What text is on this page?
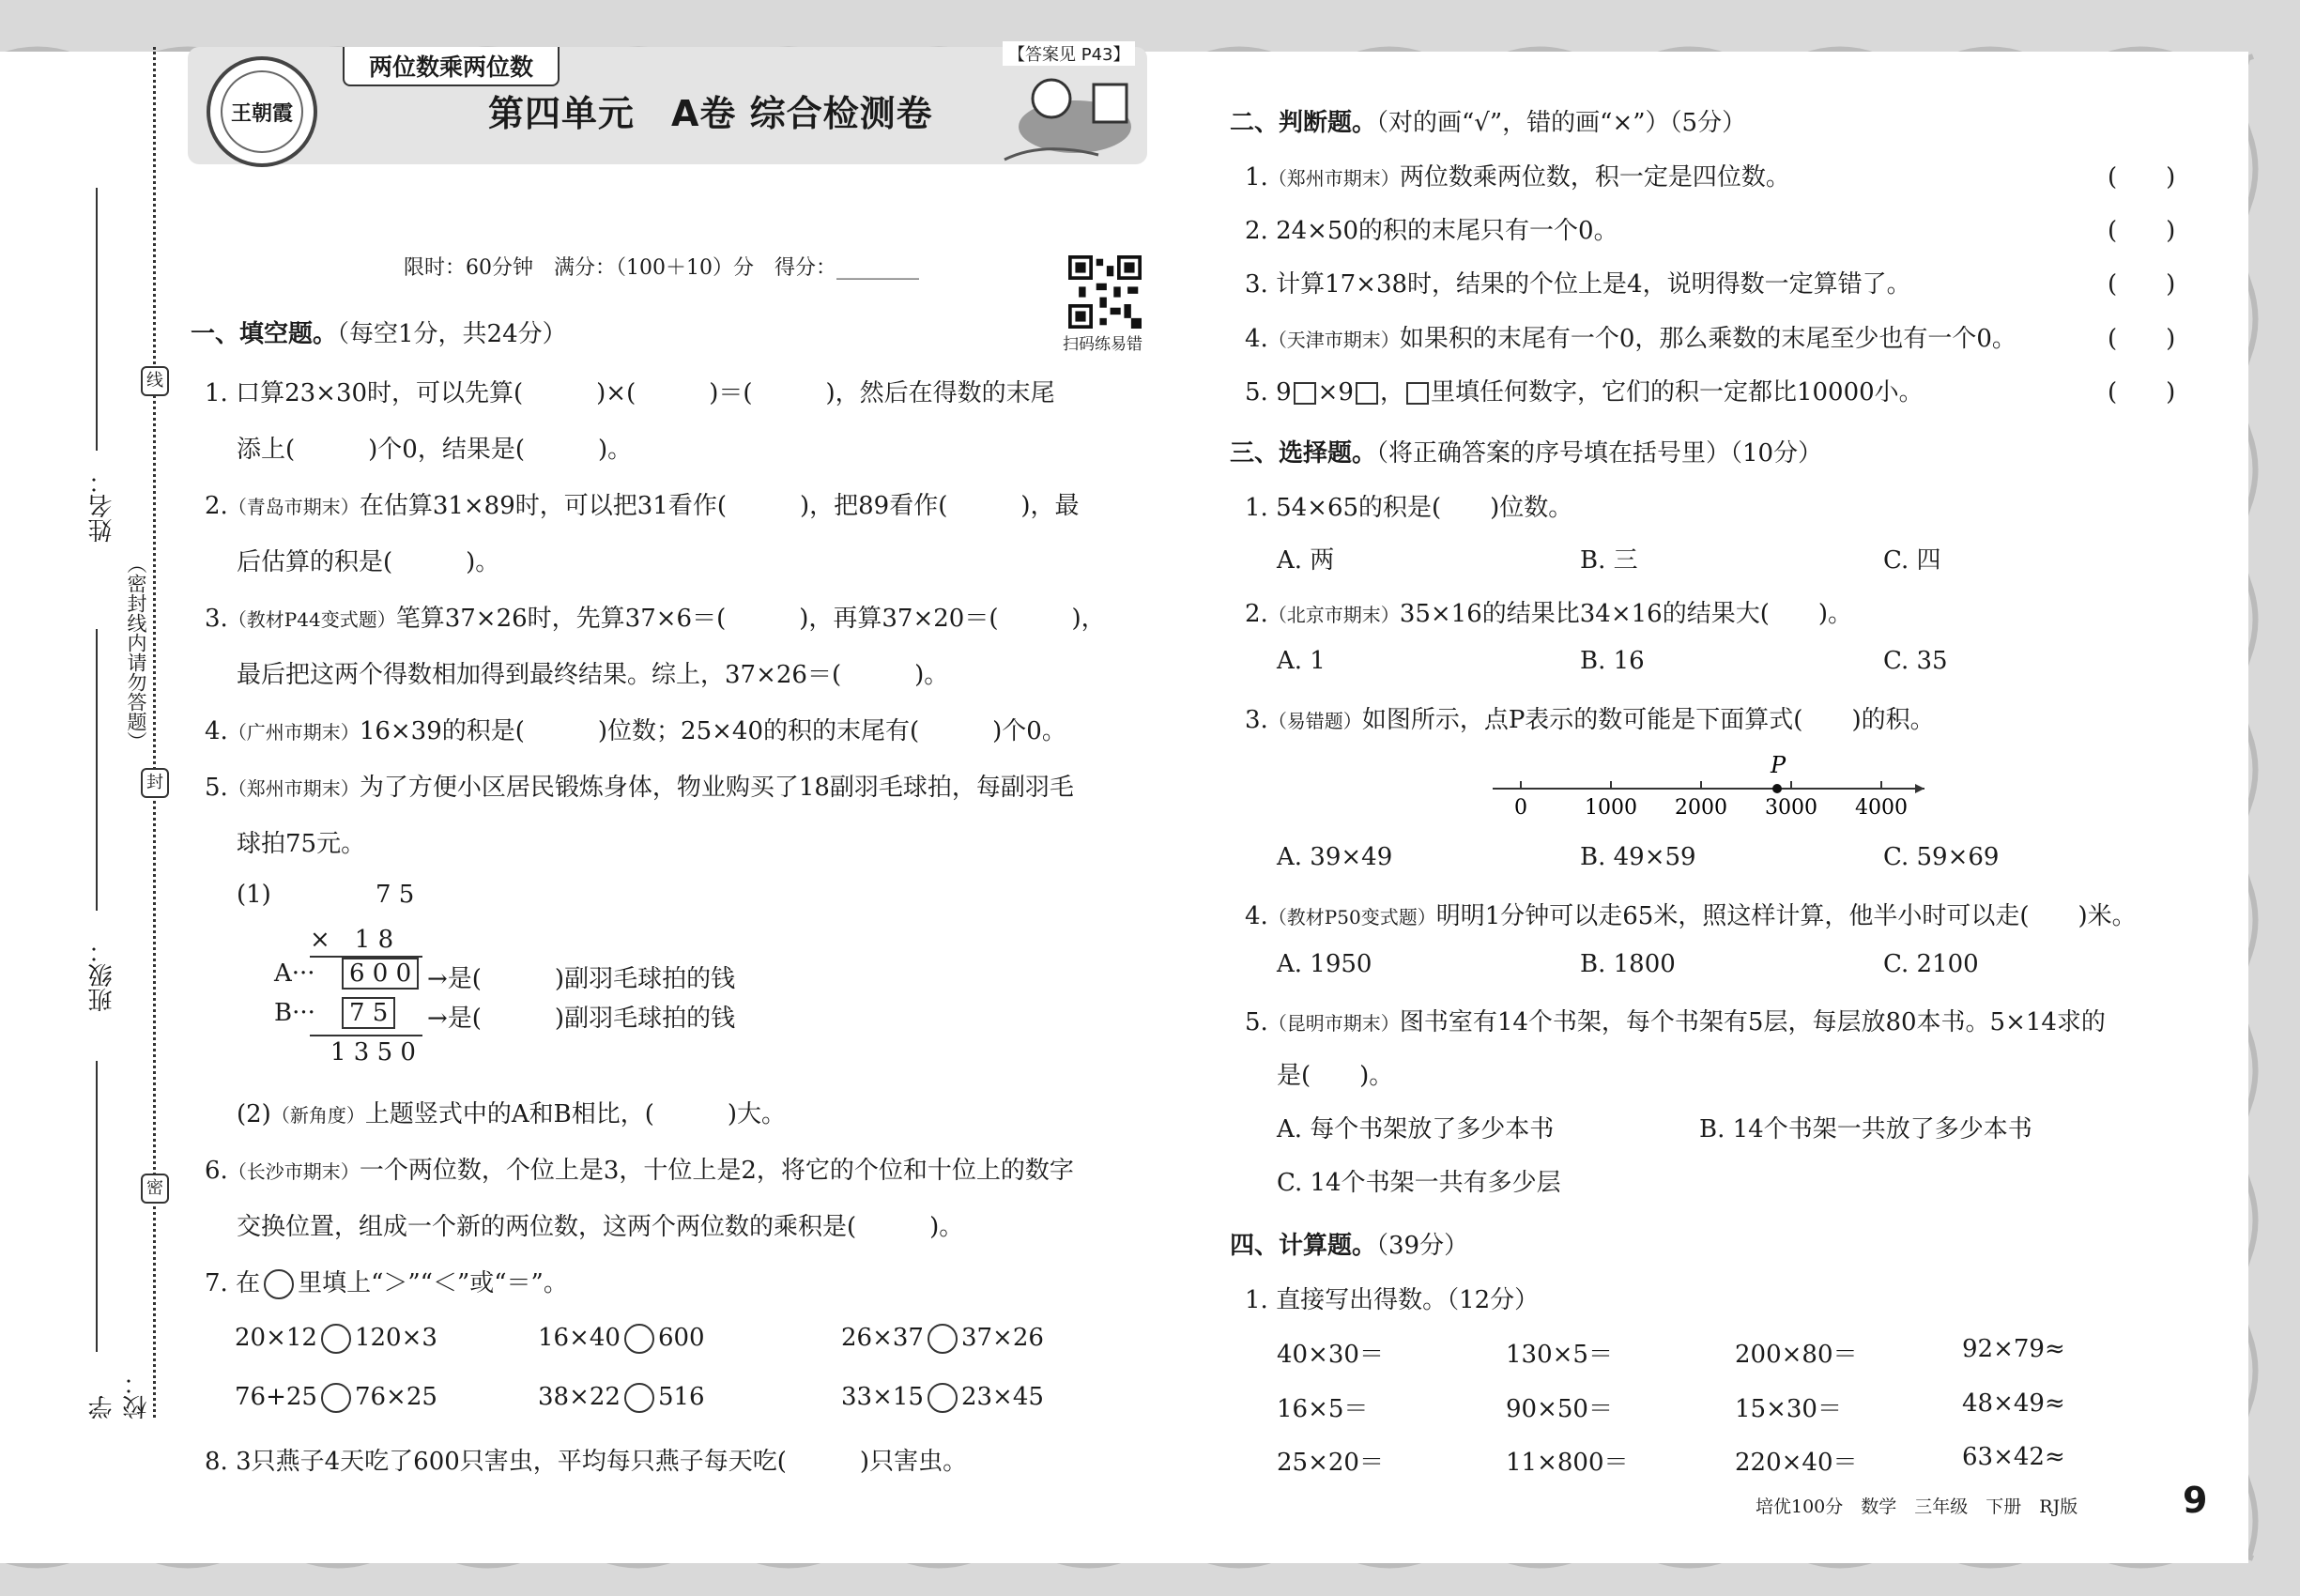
线
封
密
姓名：
（密封线内请勿答题）
班级：
学校：
王朝霞
两位数乘两位数
第四单元　A卷 综合检测卷
【答案见 P43】
限时：60分钟　满分：（100＋10）分　得分：________
扫码练易错
一、填空题。（每空1分，共24分）
1. 口算23×30时，可以先算(　　　)×(　　　)＝(　　　)，然后在得数的末尾
添上(　　　)个0，结果是(　　　)。
2.（青岛市期末）在估算31×89时，可以把31看作(　　　)，把89看作(　　　)，最
后估算的积是(　　　)。
3.（教材P44变式题）笔算37×26时，先算37×6＝(　　　)，再算37×20＝(　　　)，
最后把这两个得数相加得到最终结果。综上，37×26＝(　　　)。
4.（广州市期末）16×39的积是(　　　)位数；25×40的积的末尾有(　　　)个0。
5.（郑州市期末）为了方便小区居民锻炼身体，物业购买了18副羽毛球拍，每副羽毛
球拍75元。
(1)	7 5
×　1 8
A···	6 0 0 →是(　　　)副羽毛球拍的钱
B···	7 5	→是(　　　)副羽毛球拍的钱
1 3 5 0
(2)（新角度）上题竖式中的A和B相比，(　　　)大。
6.（长沙市期末）一个两位数，个位上是3，十位上是2，将它的个位和十位上的数字
交换位置，组成一个新的两位数，这两个两位数的乘积是(　　　)。
7. 在 里填上“＞”“＜”或“＝”。
20×12 120×3	16×40 600	26×37 37×26
76+25 76×25	38×22 516	33×15 23×45
8. 3只燕子4天吃了600只害虫，平均每只燕子每天吃(　　　)只害虫。
二、判断题。（对的画“√”，错的画“×”）（5分）
1.（郑州市期末）两位数乘两位数，积一定是四位数。
2. 24×50的积的末尾只有一个0。
3. 计算17×38时，结果的个位上是4，说明得数一定算错了。
4.（天津市期末）如果积的末尾有一个0，那么乘数的末尾至少也有一个0。
5. 9 ×9 ， 里填任何数字，它们的积一定都比10000小。
(　　)
(　　)
(　　)
(　　)
(　　)
三、选择题。（将正确答案的序号填在括号里）（10分）
1. 54×65的积是(　　)位数。
A. 两	B. 三	C. 四
2.（北京市期末）35×16的结果比34×16的结果大(　　)。
A. 1	B. 16	C. 35
3.（易错题）如图所示，点P表示的数可能是下面算式(　　)的积。
P
0	1000 2000 3000 4000
A. 39×49	B. 49×59	C. 59×69
4.（教材P50变式题）明明1分钟可以走65米，照这样计算，他半小时可以走(　　)米。
A. 1950	B. 1800	C. 2100
5.（昆明市期末）图书室有14个书架，每个书架有5层，每层放80本书。5×14求的
是(　　)。
A. 每个书架放了多少本书	B. 14个书架一共放了多少本书
C. 14个书架一共有多少层
四、计算题。（39分）
1. 直接写出得数。（12分）
40×30＝	130×5＝	200×80＝	92×79≈
16×5＝	90×50＝	15×30＝	48×49≈
25×20＝	11×800＝	220×40＝	63×42≈
培优100分　数学　三年级　下册　RJ版	9
